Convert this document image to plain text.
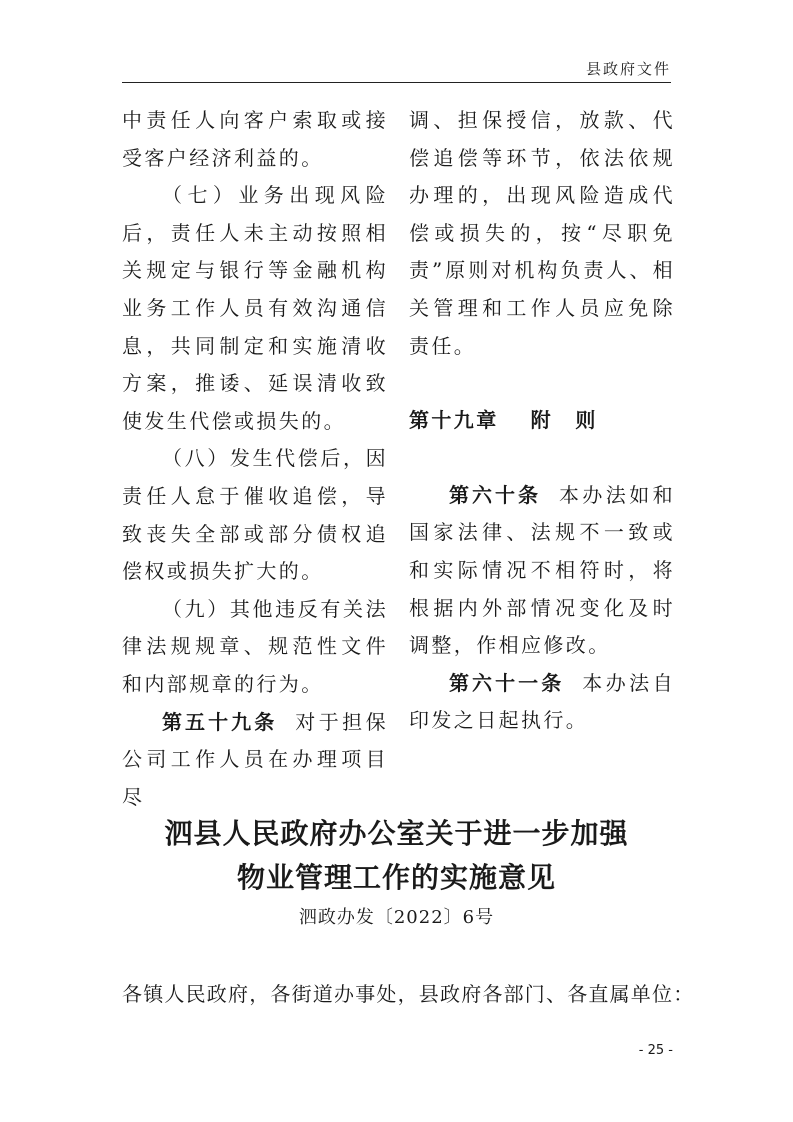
县政府文件

中责任人向客户索取或接受客户经济利益的。

（七）业务出现风险后，责任人未主动按照相关规定与银行等金融机构业务工作人员有效沟通信息，共同制定和实施清收方案，推诿、延误清收致使发生代偿或损失的。

（八）发生代偿后，因责任人怠于催收追偿，导致丧失全部或部分债权追偿权或损失扩大的。

（九）其他违反有关法律法规规章、规范性文件和内部规章的行为。

第五十九条 对于担保公司工作人员在办理项目尽

调、担保授信，放款、代偿追偿等环节，依法依规办理的，出现风险造成代偿或损失的，按“尽职免责”原则对机构负责人、相关管理和工作人员应免除责任。

第十九章 附　则

第六十条 本办法如和国家法律、法规不一致或和实际情况不相符时，将根据内外部情况变化及时调整，作相应修改。

第六十一条 本办法自印发之日起执行。

泗县人民政府办公室关于进一步加强
物业管理工作的实施意见
泗政办发〔2022〕6号
各镇人民政府，各街道办事处，县政府各部门、各直属单位：
- 25 -
